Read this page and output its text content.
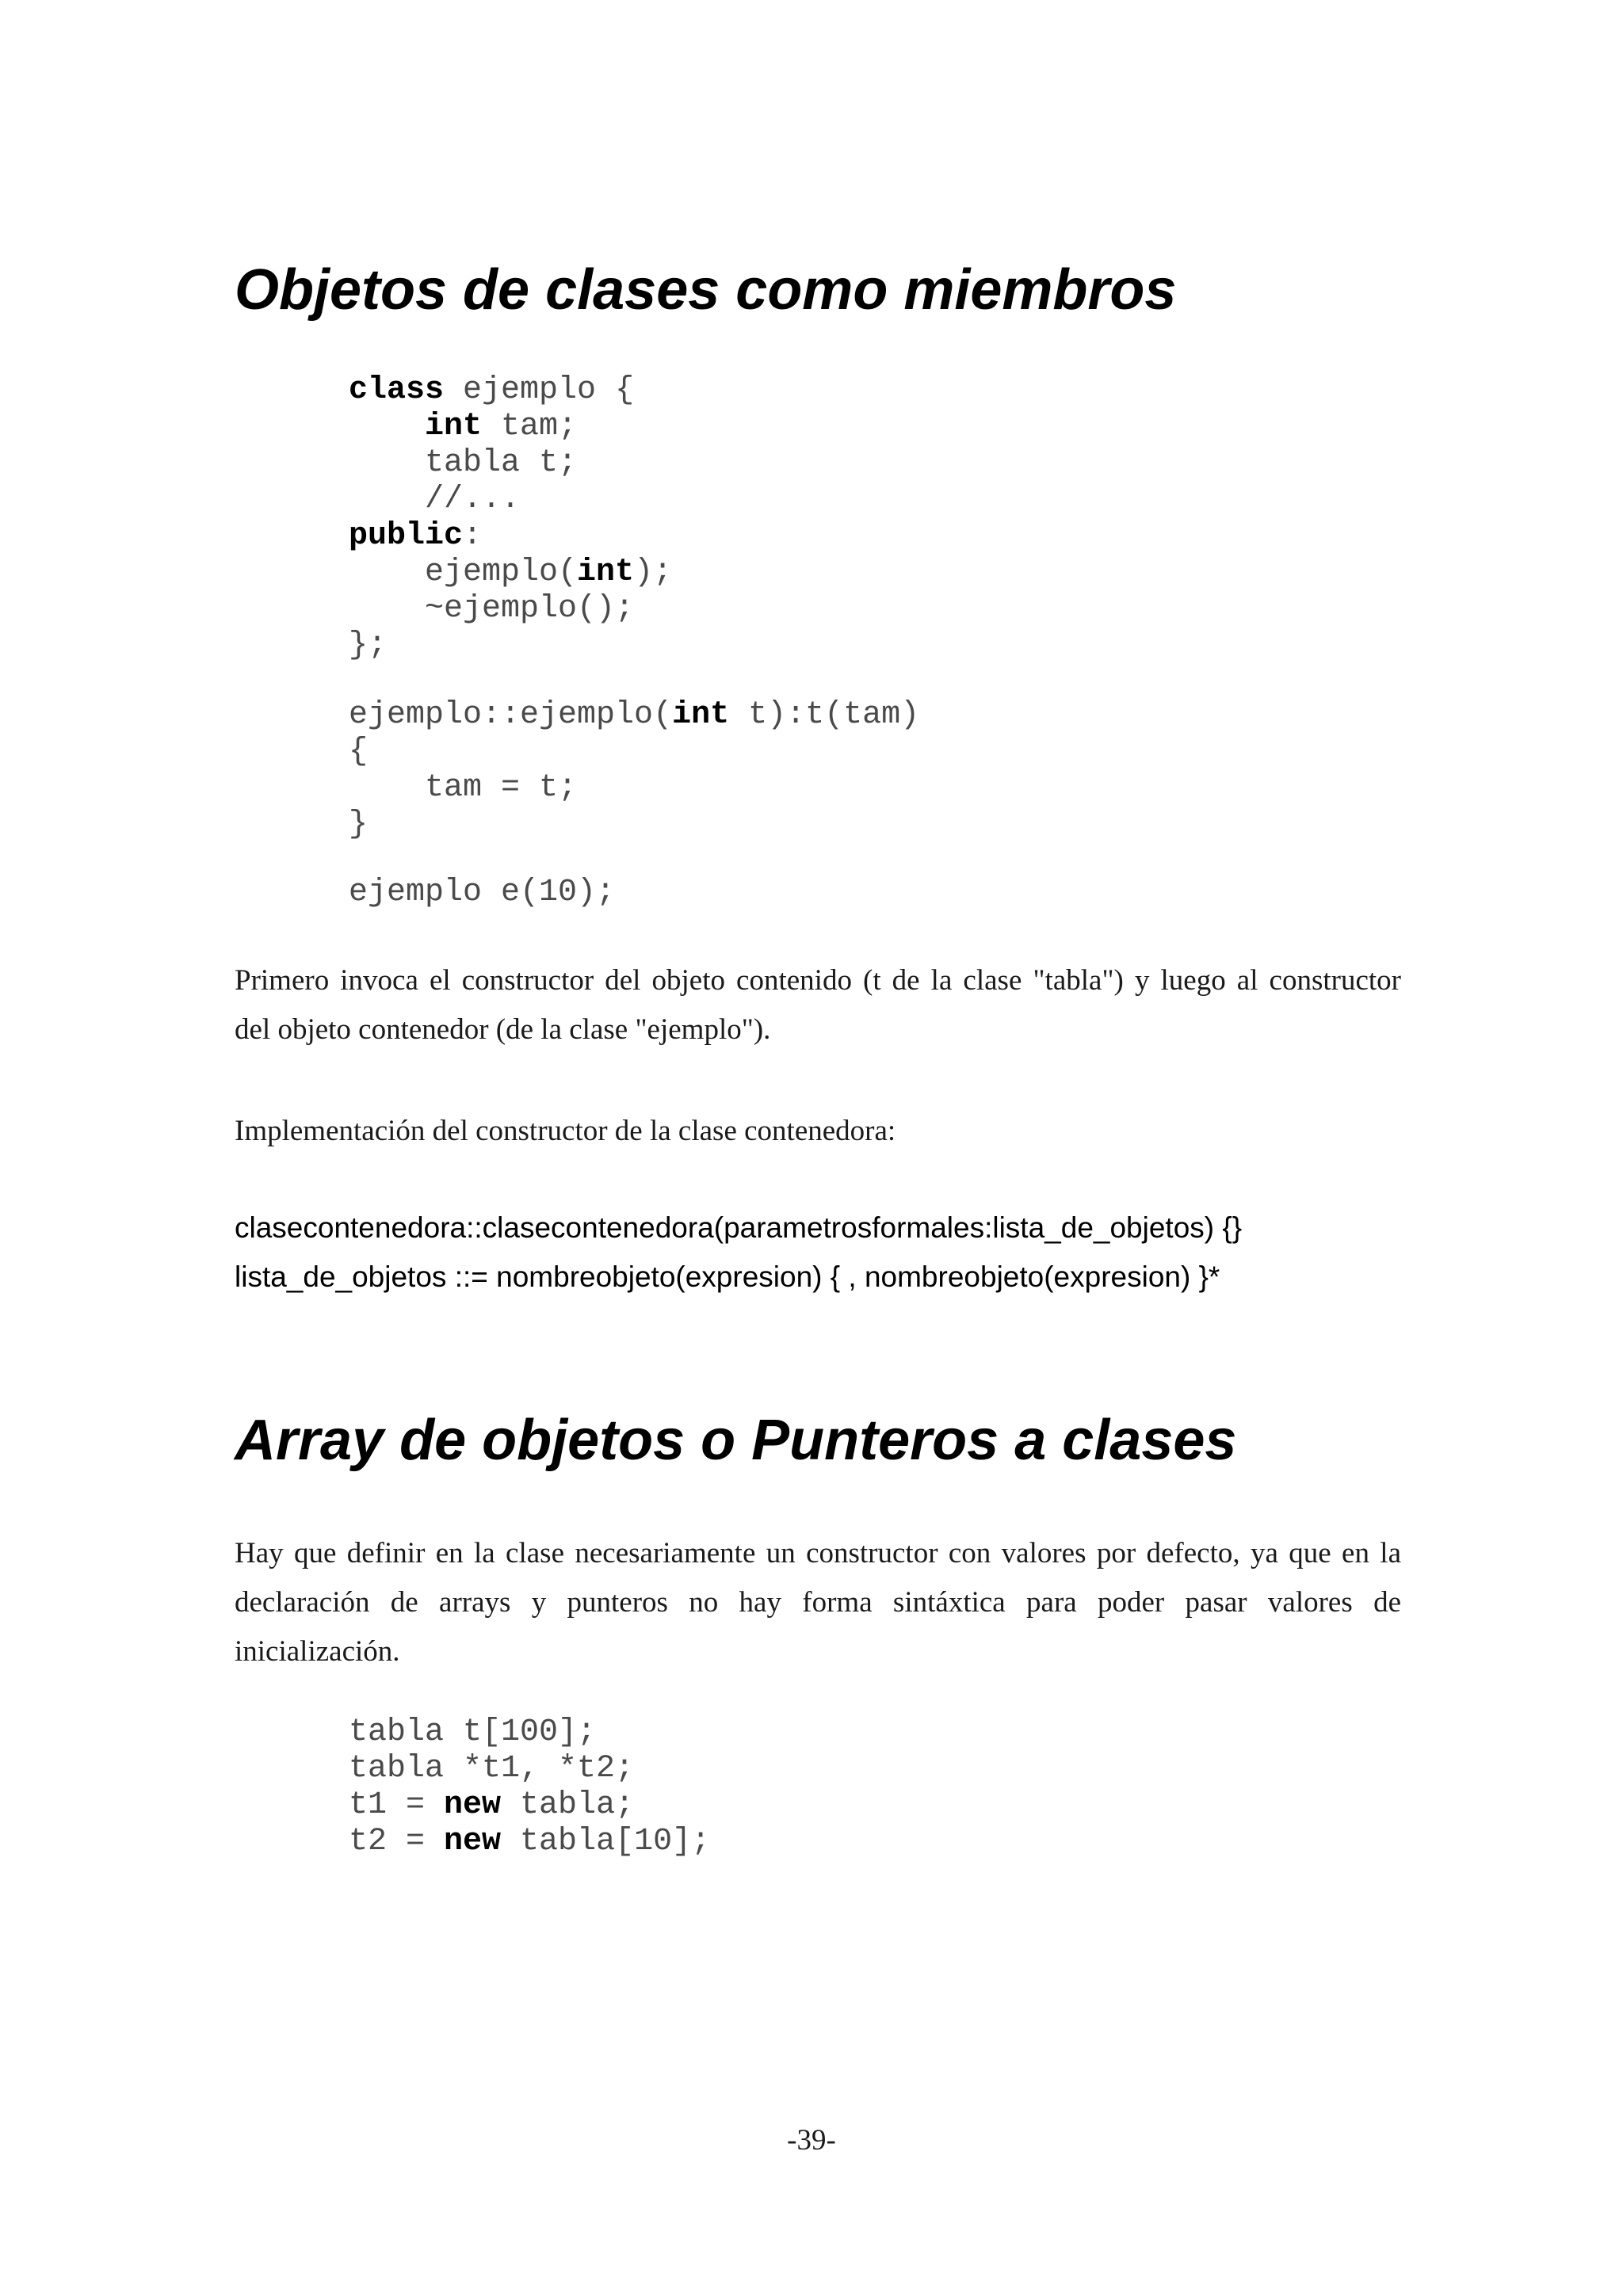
Objetos de clases como miembros
class ejemplo {
int tam;
tabla t;
//...
public:
ejemplo(int);
~ejemplo();
};
ejemplo::ejemplo(int t):t(tam)
{
tam = t;
}
ejemplo e(10);
Primero invoca el constructor del objeto contenido (t de la clase "tabla") y luego al constructor
del objeto contenedor (de la clase "ejemplo").
Implementación del constructor de la clase contenedora:
clasecontenedora::clasecontenedora(parametrosformales:lista_de_objetos) {}
lista_de_objetos ::= nombreobjeto(expresion) { , nombreobjeto(expresion) }*
Array de objetos o Punteros a clases
Hay que definir en la clase necesariamente un constructor con valores por defecto, ya que en la
declaración de arrays y punteros no hay forma sintáxtica para poder pasar valores de
inicialización.
tabla t[100];
tabla *t1, *t2;
t1 = new tabla;
t2 = new tabla[10];

-39-
